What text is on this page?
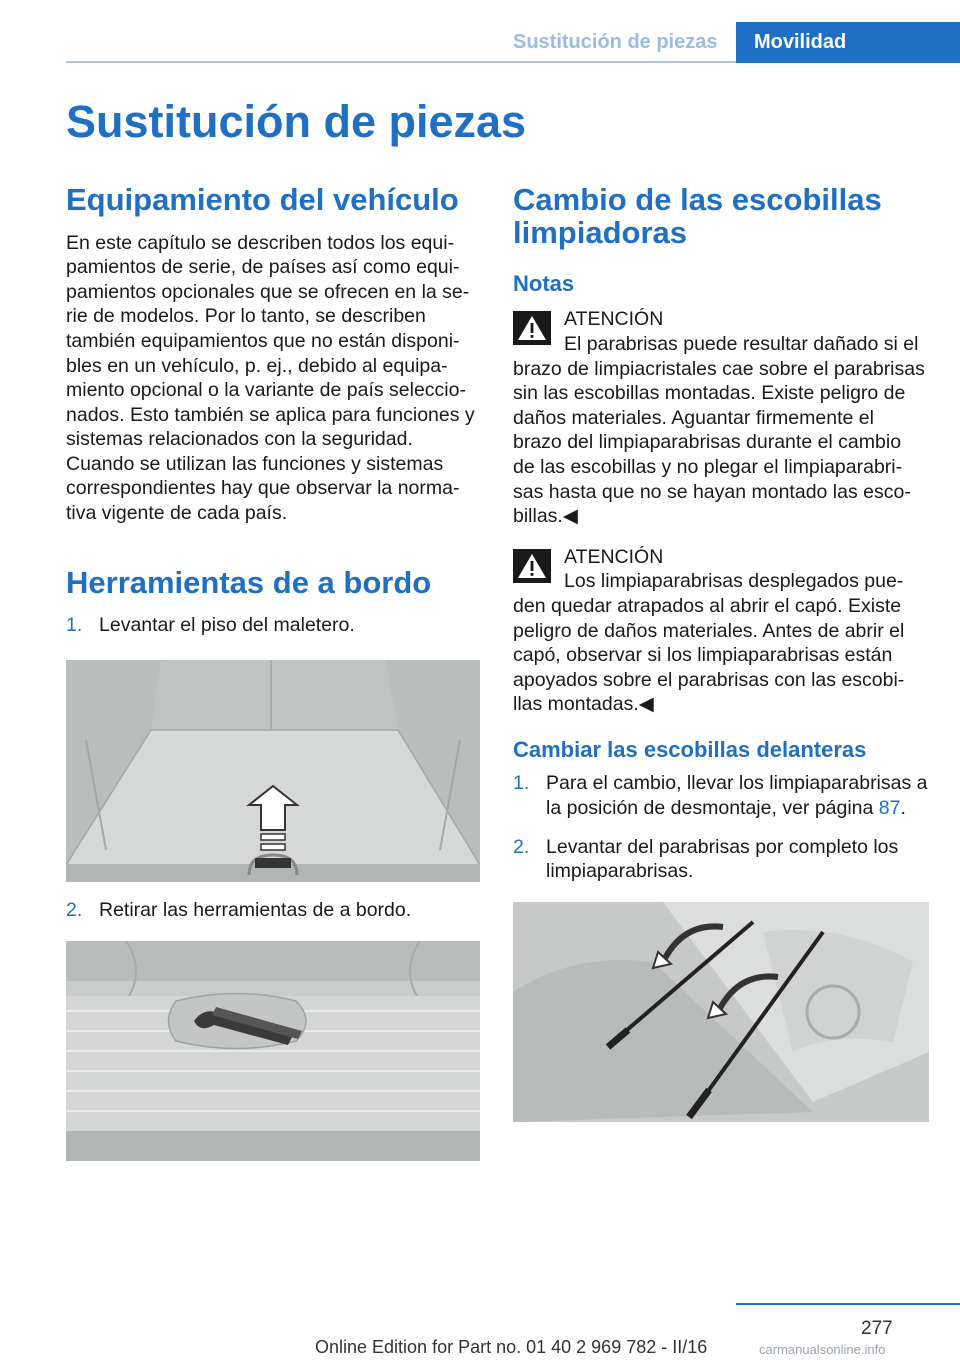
Sustitución de piezas	Movilidad
Sustitución de piezas
Equipamiento del vehículo
En este capítulo se describen todos los equi‐
pamientos de serie, de países así como equi‐
pamientos opcionales que se ofrecen en la se‐
rie de modelos. Por lo tanto, se describen
también equipamientos que no están disponi‐
bles en un vehículo, p. ej., debido al equipa‐
miento opcional o la variante de país seleccio‐
nados. Esto también se aplica para funciones y
sistemas relacionados con la seguridad.
Cuando se utilizan las funciones y sistemas
correspondientes hay que observar la norma‐
tiva vigente de cada país.
Herramientas de a bordo
1. Levantar el piso del maletero.
2. Retirar las herramientas de a bordo.
Cambio de las escobillas
limpiadoras
Notas
ATENCIÓN
El parabrisas puede resultar dañado si el
brazo de limpiacristales cae sobre el parabrisas
sin las escobillas montadas. Existe peligro de
daños materiales. Aguantar firmemente el
brazo del limpiaparabrisas durante el cambio
de las escobillas y no plegar el limpiaparabri‐
sas hasta que no se hayan montado las esco‐
billas.◀
ATENCIÓN
Los limpiaparabrisas desplegados pue‐
den quedar atrapados al abrir el capó. Existe
peligro de daños materiales. Antes de abrir el
capó, observar si los limpiaparabrisas están
apoyados sobre el parabrisas con las escobi‐
llas montadas.◀
Cambiar las escobillas delanteras
1. Para el cambio, llevar los limpiaparabrisas a
la posición de desmontaje, ver página 87.
2. Levantar del parabrisas por completo los
limpiaparabrisas.
277
Online Edition for Part no. 01 40 2 969 782 - II/16	carmanualsonline.info
